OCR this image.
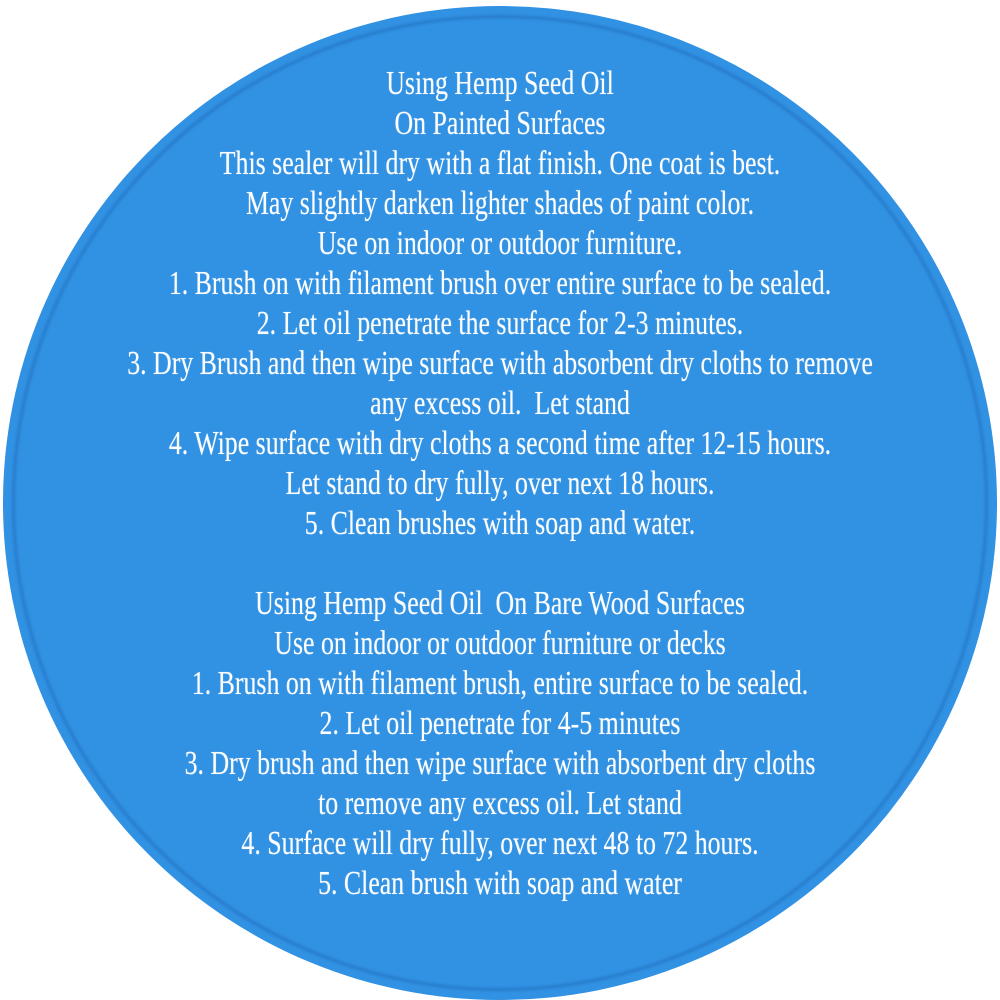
Using Hemp Seed Oil
On Painted Surfaces
This sealer will dry with a flat finish. One coat is best.
May slightly darken lighter shades of paint color.
Use on indoor or outdoor furniture.
1. Brush on with filament brush over entire surface to be sealed.
2. Let oil penetrate the surface for 2-3 minutes.
3. Dry Brush and then wipe surface with absorbent dry cloths to remove
any excess oil.  Let stand
4. Wipe surface with dry cloths a second time after 12-15 hours.
Let stand to dry fully, over next 18 hours.
5. Clean brushes with soap and water.
Using Hemp Seed Oil  On Bare Wood Surfaces
Use on indoor or outdoor furniture or decks
1. Brush on with filament brush, entire surface to be sealed.
2. Let oil penetrate for 4-5 minutes
3. Dry brush and then wipe surface with absorbent dry cloths
to remove any excess oil. Let stand
4. Surface will dry fully, over next 48 to 72 hours.
5. Clean brush with soap and water
